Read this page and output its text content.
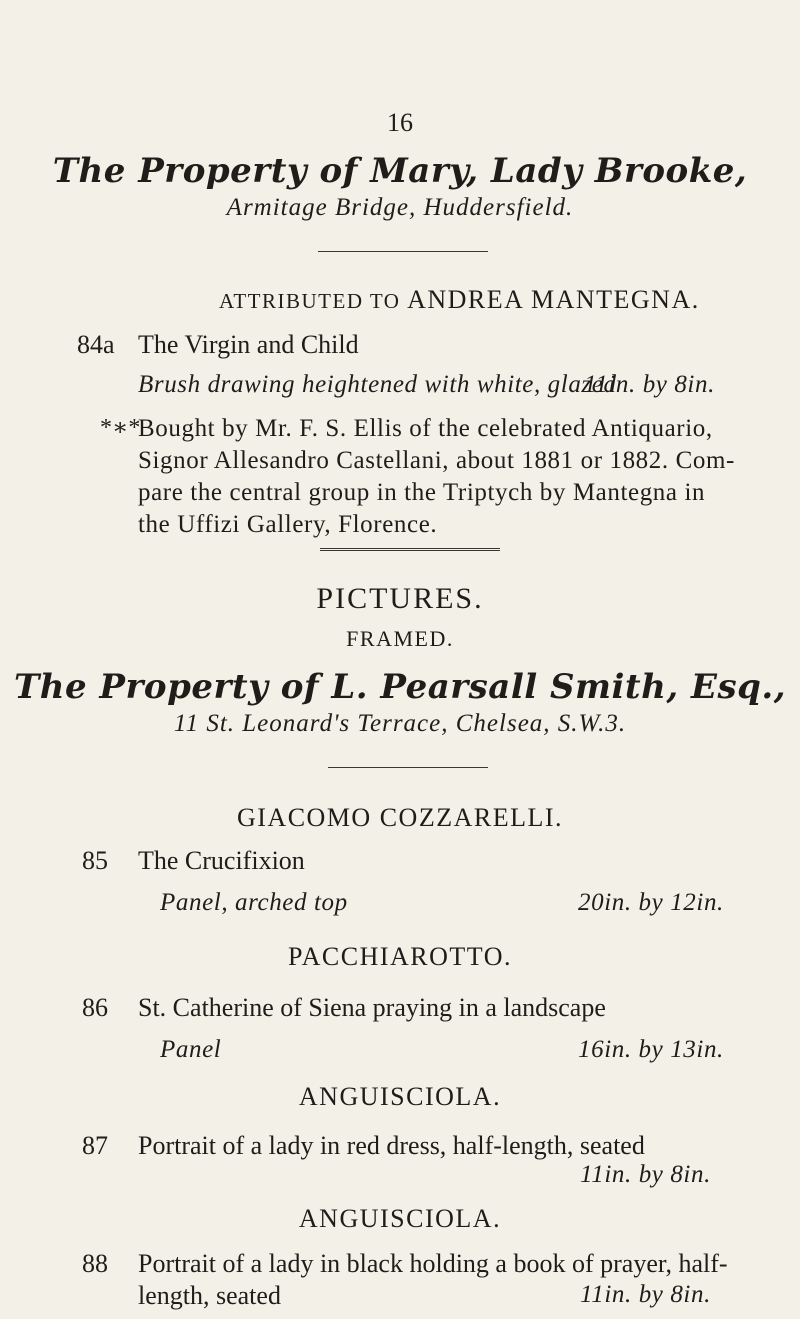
16
The Property of Mary, Lady Brooke,
Armitage Bridge, Huddersfield.
ATTRIBUTED TO ANDREA MANTEGNA.
84a The Virgin and Child
Brush drawing heightened with white, glazed
11in. by 8in.
*∗*
Bought by Mr. F. S. Ellis of the celebrated Antiquario,
Signor Allesandro Castellani, about 1881 or 1882. Com-
pare the central group in the Triptych by Mantegna in
the Uffizi Gallery, Florence.
PICTURES.
FRAMED.
The Property of L. Pearsall Smith, Esq.,
11 St. Leonard's Terrace, Chelsea, S.W.3.
GIACOMO COZZARELLI.
85 The Crucifixion
Panel, arched top	20in. by 12in.
PACCHIAROTTO.
86 St. Catherine of Siena praying in a landscape
Panel	16in. by 13in.
ANGUISCIOLA.
87 Portrait of a lady in red dress, half-length, seated
11in. by 8in.
ANGUISCIOLA.
88 Portrait of a lady in black holding a book of prayer, half-
length, seated	11in. by 8in.
